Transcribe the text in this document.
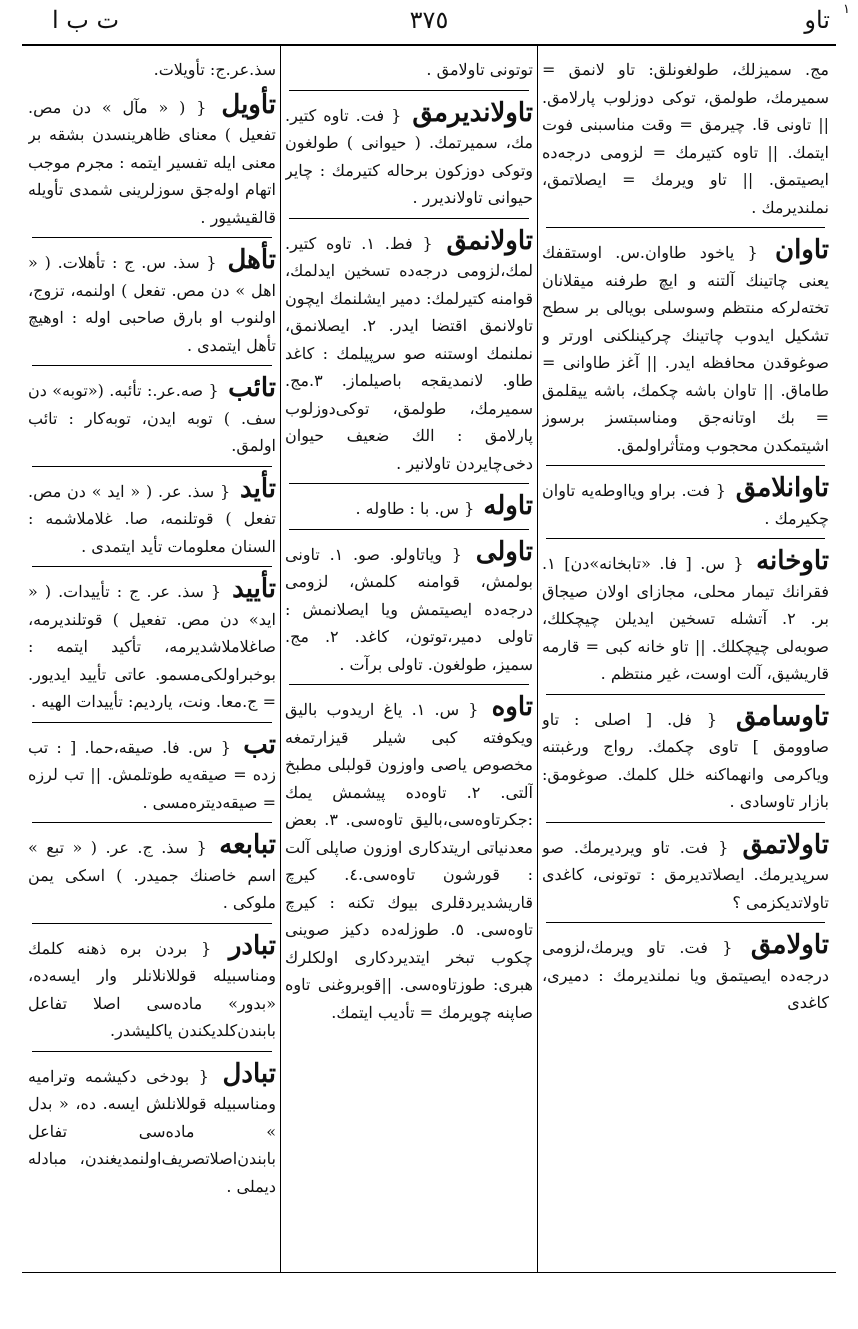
تاو
٣٧٥
ت ب ا	١
مج. سمیزلك، طولغونلق: تاو لانمق = سمیرمك، طولمق، توكی دوزلوب پارلامق. || تاونی قا. چیرمق = وقت مناسبنی فوت ایتمك. || تاوه كتیرمك = لزومی درجه‌ده ایصیتمق. || تاو ویرمك = ایصلاتمق، نملندیرمك .
تاوان { یاخود طاوان.س. اوستقفك یعنی چاتینك آلتنه و ایچ طرفنه میقلانان تخته‌لركه منتظم وسوسلی بویالی بر سطح تشكیل ایدوب چاتینك چركینلكنی اورتر و صوغوقدن محافظه ایدر. || آغز طاوانی = طاماق. || تاوان باشه چكمك، باشه ییقلمق = بك اوتانه‌جق ومناسبتسز برسوز اشیتمكدن محجوب ومتأثراولمق.
تاوانلامق { فت. براو ویااوطه‌یه تاوان چكیرمك .
تاوخانه { س. [ فا. «تابخانه»دن] ١. فقرانك تیمار محلی، مجازای اولان صیجاق بر. ٢. آتشله تسخین ایدیلن چیچكلك، صوبه‌لی چیچكلك. || تاو خانه كبی = قارمه قاریشیق، آلت اوست، غیر منتظم .
تاوسامق { فل. [ اصلی : تاو صاوومق ] تاوی چكمك. رواج ورغبتنه ویاكرمی وانهماكنه خلل كلمك. صوغومق: بازار تاوسادی .
تاولاتمق { فت. تاو ویردیرمك. صو سرپدیرمك. ایصلاتدیرمق : توتونی، كاغدی تاولاتدیكزمی ؟
تاولامق { فت. تاو ویرمك،لزومی درجه‌ده ایصیتمق ویا نملندیرمك : دمیری، كاغدی
توتونی تاولامق .
تاولاندیرمق { فت. تاوه كتیر. مك، سمیرتمك. ( حیوانی ) طولغون وتوكی دوزكون برحاله كتیرمك : چایر حیوانی تاولاندیرر .
تاولانمق { فط. ١. تاوه كتیر. لمك،لزومی درجه‌ده تسخین ایدلمك، قوامنه كتیرلمك: دمیر ایشلنمك ایچون تاولانمق اقتضا ایدر. ٢. ایصلانمق، نملنمك اوستنه صو سرپیلمك : كاغد طاو. لانمدیقجه باصیلماز. ٣.مج. سمیرمك، طولمق، توكی‌دوزلوب پارلامق : الك ضعیف حیوان دخی‌چایردن تاولانیر .
تاوله { س. با : طاوله .
تاولی { ویاتاولو. صو. ١. تاونی بولمش، قوامنه كلمش، لزومی درجه‌ده ایصیتمش ویا ایصلانمش : تاولی دمیر،توتون، كاغد. ٢. مج. سمیز، طولغون. تاولی برآت .
تاوه { س. ١. یاغ اریدوب بالیق ویكوفته كبی شیلر قیزارتمغه مخصوص یاصی واوزون قولبلی مطبخ آلتی. ٢. تاوه‌ده پیشمش یمك :جكرتاوه‌سی،بالیق تاوه‌سی. ٣. بعض معدنیاتی اریتدكاری اوزون صاپلی آلت : قورشون تاوه‌سی.٤. كیرچ قاریشدیردقلری بیوك تكنه : كیرچ تاوه‌سی. ٥. طوزله‌ده دكیز صوینی چكوب تبخر ایتدیردكاری اولكلرك هبری: طوزتاوه‌سی. ||قوبروغنی تاوه صاپنه چویرمك = تأدیب ایتمك.
سذ.عر.ج: تأویلات.
تأویل { ( « مآل » دن مص. تفعیل ) معنای ظاهرینسدن بشقه بر معنی ایله تفسیر ایتمه : مجرم موجب اتهام اوله‌جق سوزلرینی شمدی تأویله قالقیشیور .
تأهل { سذ. س. ج : تأهلات. ( « اهل » دن مص. تفعل ) اولنمه، تزوج، اولنوب او بارق صاحبی اوله : اوهیچ تأهل ایتمدی .
تائب { صه.عر.: تأئبه. («توبه» دن سف. ) توبه ایدن، توبه‌كار : تائب اولمق.
تأید { سذ. عر. ( « اید » دن مص. تفعل ) قوتلنمه، صا. غلاملاشمه : السنان معلومات تأید ایتمدی .
تأیید { سذ. عر. ج : تأییدات. ( « اید» دن مص. تفعیل ) قوتلندیرمه، صاغلاملاشدیرمه، تأكید ایتمه : بوخبراولكی‌مسمو. عاتی تأیید ایدیور. = ج.معا. ونت، یاردیم: تأییدات الهیه .
تب { س. فا. صیقه،حما. [ : تب زده = صیقه‌یه طوتلمش. || تب لرزه = صیقه‌دیتره‌مسی .
تبابعه { سذ. ج. عر. ( « تبع » اسم خاصنك جمیدر. ) اسكی یمن ملوكی .
تبادر { بردن بره ذهنه كلمك ومناسبیله قوللانلانلر وار ایسه‌ده، «بدور» ماده‌سی اصلا تفاعل بابندن‌كلدیكندن یاكلیشدر.
تبادل { بودخی دكیشمه وترامیه ومناسبیله قوللانلش ایسه‌. ده، « بدل » ماده‌سی تفاعل بابندن‌اصلاتصریف‌اولنمدیغندن، مبادله دیملی .
